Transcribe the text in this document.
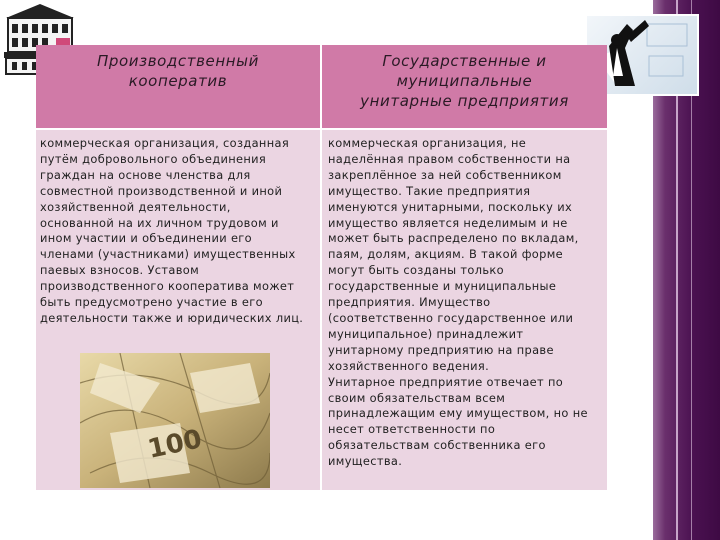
Производственный
кооператив
Государственные и
муниципальные
унитарные предприятия
коммерческая организация, созданная
путём добровольного объединения
граждан на основе членства для
совместной производственной и иной
хозяйственной деятельности,
основанной на их личном трудовом и
ином участии и объединении его
членами (участниками) имущественных
паевых взносов. Уставом
производственного кооператива может
быть предусмотрено участие в его
деятельности также и юридических лиц.
коммерческая организация, не
наделённая правом собственности на
закреплённое за ней собственником
имущество. Такие предприятия
именуются унитарными, поскольку их
имущество является неделимым и не
может быть распределено по вкладам,
паям, долям, акциям. В такой форме
могут быть созданы только
государственные и муниципальные
предприятия. Имущество
(соответственно государственное или
муниципальное) принадлежит
унитарному предприятию на праве
хозяйственного ведения.
Унитарное предприятие отвечает по
своим обязательствам всем
принадлежащим ему имуществом, но не
несет ответственности по
обязательствам собственника его
имущества.
100
